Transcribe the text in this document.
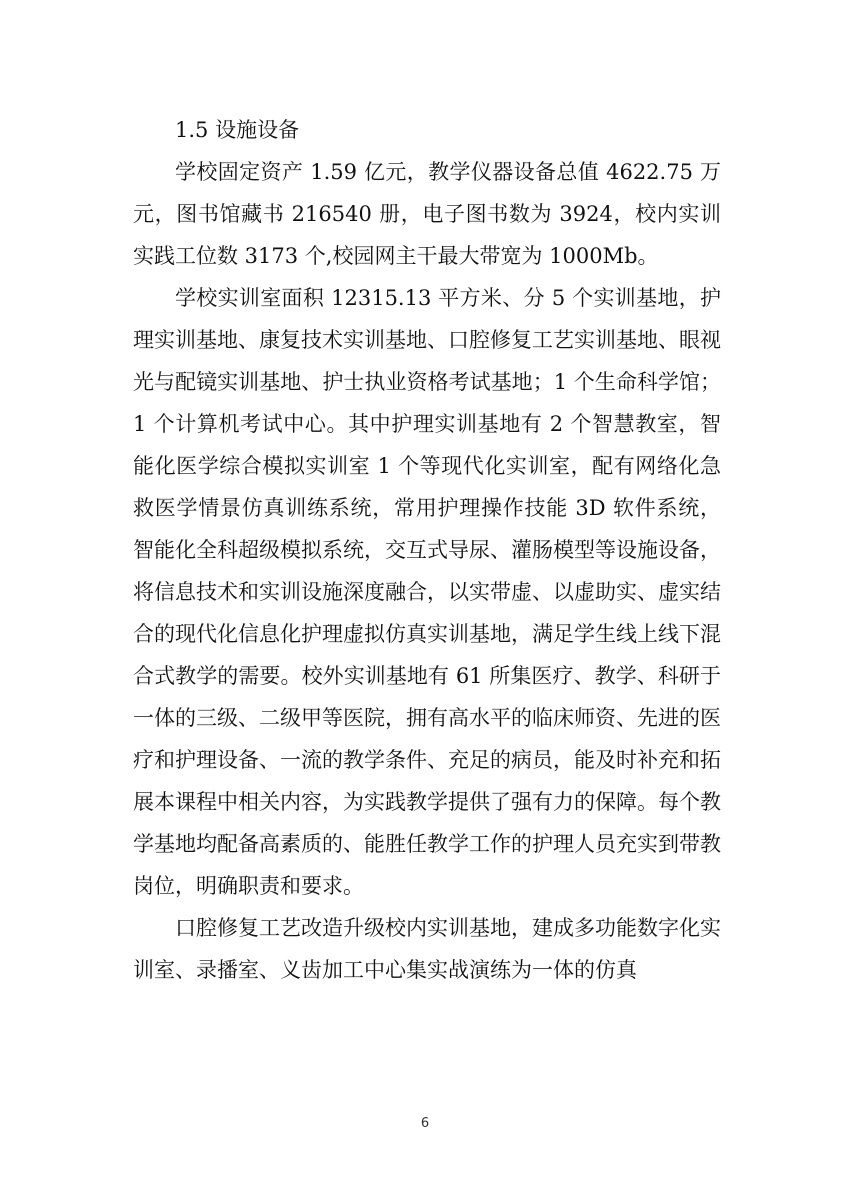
1.5 设施设备

学校固定资产 1.59 亿元，教学仪器设备总值 4622.75 万元，图书馆藏书 216540 册，电子图书数为 3924，校内实训实践工位数 3173 个,校园网主干最大带宽为 1000Mb。

学校实训室面积 12315.13 平方米、分 5 个实训基地，护理实训基地、康复技术实训基地、口腔修复工艺实训基地、眼视光与配镜实训基地、护士执业资格考试基地；1 个生命科学馆；1 个计算机考试中心。其中护理实训基地有 2 个智慧教室，智能化医学综合模拟实训室 1 个等现代化实训室，配有网络化急救医学情景仿真训练系统，常用护理操作技能 3D 软件系统，智能化全科超级模拟系统，交互式导尿、灌肠模型等设施设备，将信息技术和实训设施深度融合，以实带虚、以虚助实、虚实结合的现代化信息化护理虚拟仿真实训基地，满足学生线上线下混合式教学的需要。校外实训基地有 61 所集医疗、教学、科研于一体的三级、二级甲等医院，拥有高水平的临床师资、先进的医疗和护理设备、一流的教学条件、充足的病员，能及时补充和拓展本课程中相关内容，为实践教学提供了强有力的保障。每个教学基地均配备高素质的、能胜任教学工作的护理人员充实到带教岗位，明确职责和要求。

口腔修复工艺改造升级校内实训基地，建成多功能数字化实训室、录播室、义齿加工中心集实战演练为一体的仿真

6
